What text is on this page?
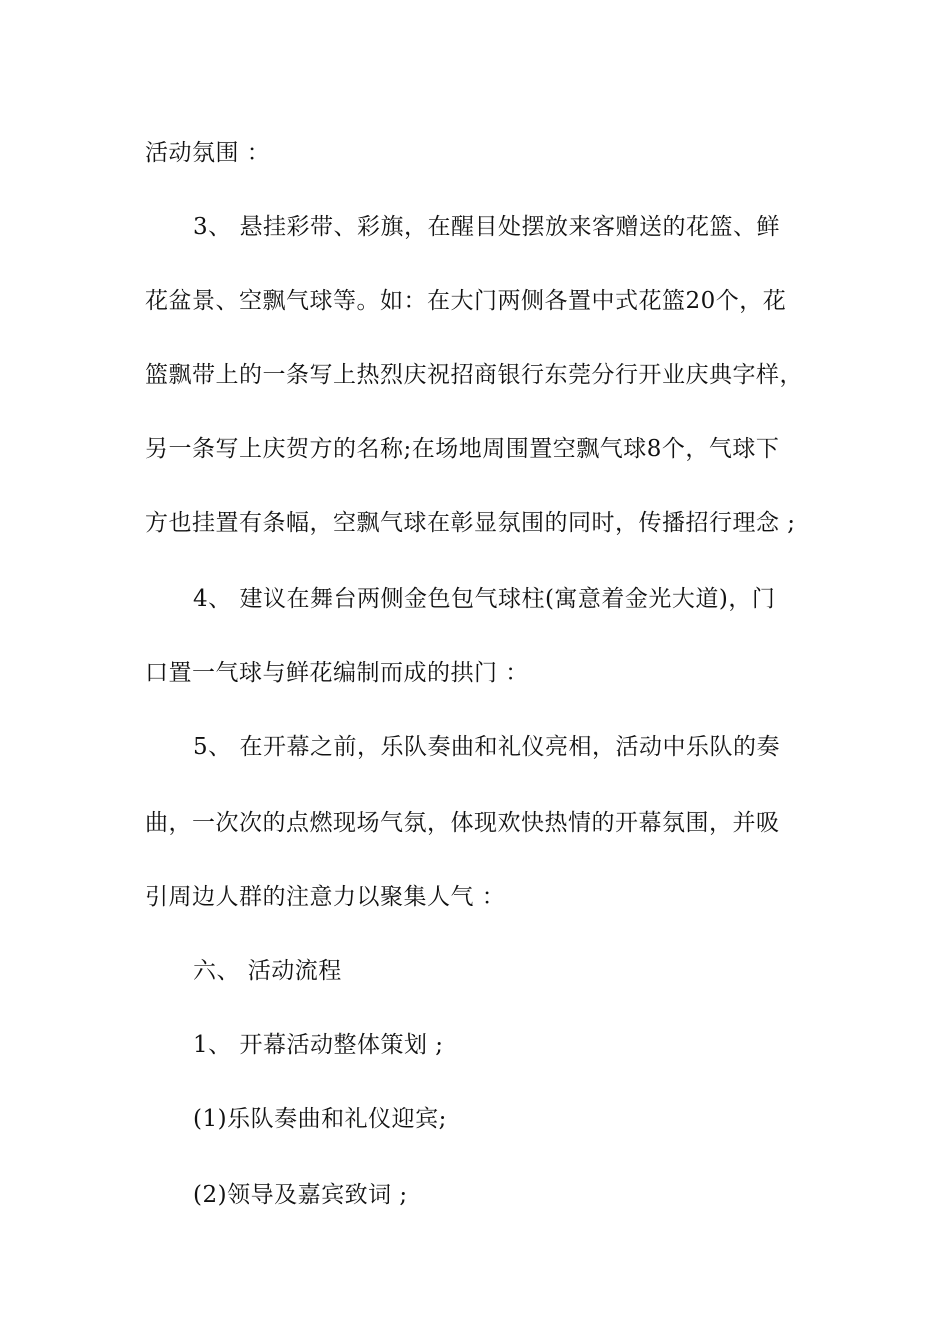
活动氛围 ：
3、 悬挂彩带、彩旗，在醒目处摆放来客赠送的花篮、鲜
花盆景、空飘气球等。如：在大门两侧各置中式花篮20个，花
篮飘带上的一条写上热烈庆祝招商银行东莞分行开业庆典字样，
另一条写上庆贺方的名称;在场地周围置空飘气球8个，气球下
方也挂置有条幅，空飘气球在彰显氛围的同时，传播招行理念 ;
4、 建议在舞台两侧金色包气球柱(寓意着金光大道)，门
口置一气球与鲜花编制而成的拱门 ：
5、 在开幕之前，乐队奏曲和礼仪亮相，活动中乐队的奏
曲，一次次的点燃现场气氛，体现欢快热情的开幕氛围，并吸
引周边人群的注意力以聚集人气 ：
六、 活动流程
1、 开幕活动整体策划 ;
(1)乐队奏曲和礼仪迎宾;
(2)领导及嘉宾致词 ;
